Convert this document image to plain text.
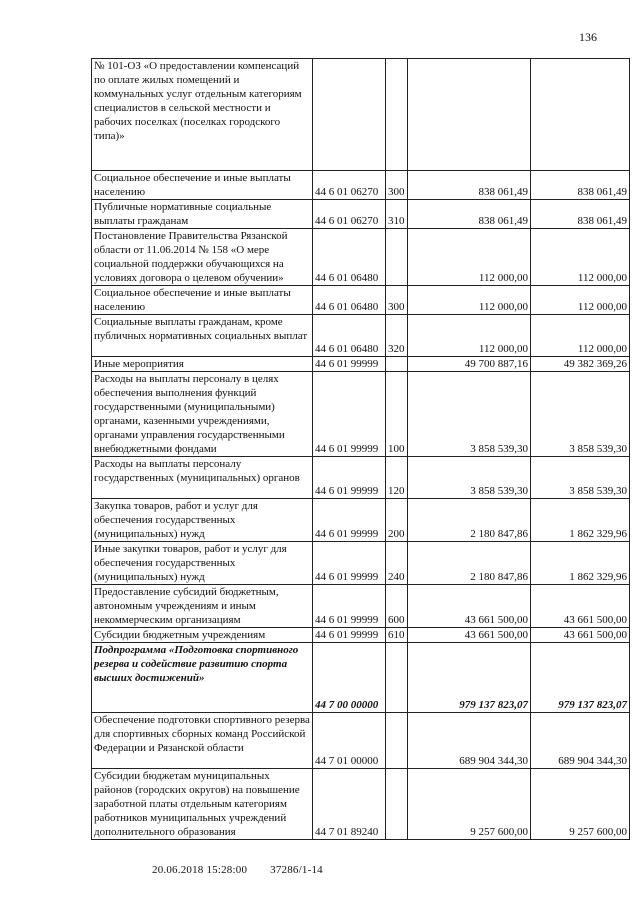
136
№ 101-ОЗ «О предоставлении компенсаций по оплате жилых помещений и коммунальных услуг отдельным категориям специалистов в сельской местности и рабочих поселках (поселках городского типа)»				
Социальное обеспечение и иные выплаты населению	44 6 01 06270	300	838 061,49	838 061,49
Публичные нормативные социальные выплаты гражданам	44 6 01 06270	310	838 061,49	838 061,49
Постановление Правительства Рязанской области от 11.06.2014 № 158 «О мере социальной поддержки обучающихся на условиях договора о целевом обучении»	44 6 01 06480		112 000,00	112 000,00
Социальное обеспечение и иные выплаты населению	44 6 01 06480	300	112 000,00	112 000,00
Социальные выплаты гражданам, кроме публичных нормативных социальных выплат	44 6 01 06480	320	112 000,00	112 000,00
Иные мероприятия	44 6 01 99999		49 700 887,16	49 382 369,26
Расходы на выплаты персоналу в целях обеспечения выполнения функций государственными (муниципальными) органами, казенными учреждениями, органами управления государственными внебюджетными фондами	44 6 01 99999	100	3 858 539,30	3 858 539,30
Расходы на выплаты персоналу государственных (муниципальных) органов	44 6 01 99999	120	3 858 539,30	3 858 539,30
Закупка товаров, работ и услуг для обеспечения государственных (муниципальных) нужд	44 6 01 99999	200	2 180 847,86	1 862 329,96
Иные закупки товаров, работ и услуг для обеспечения государственных (муниципальных) нужд	44 6 01 99999	240	2 180 847,86	1 862 329,96
Предоставление субсидий бюджетным, автономным учреждениям и иным некоммерческим организациям	44 6 01 99999	600	43 661 500,00	43 661 500,00
Субсидии бюджетным учреждениям	44 6 01 99999	610	43 661 500,00	43 661 500,00
Подпрограмма «Подготовка спортивного резерва и содействие развитию спорта высших достижений»	44 7 00 00000		979 137 823,07	979 137 823,07
Обеспечение подготовки спортивного резерва для спортивных сборных команд Российской Федерации и Рязанской области	44 7 01 00000		689 904 344,30	689 904 344,30
Субсидии бюджетам муниципальных районов (городских округов) на повышение заработной платы отдельным категориям работников муниципальных учреждений дополнительного образования	44 7 01 89240		9 257 600,00	9 257 600,00
20.06.2018 15:28:00 37286/1-14
